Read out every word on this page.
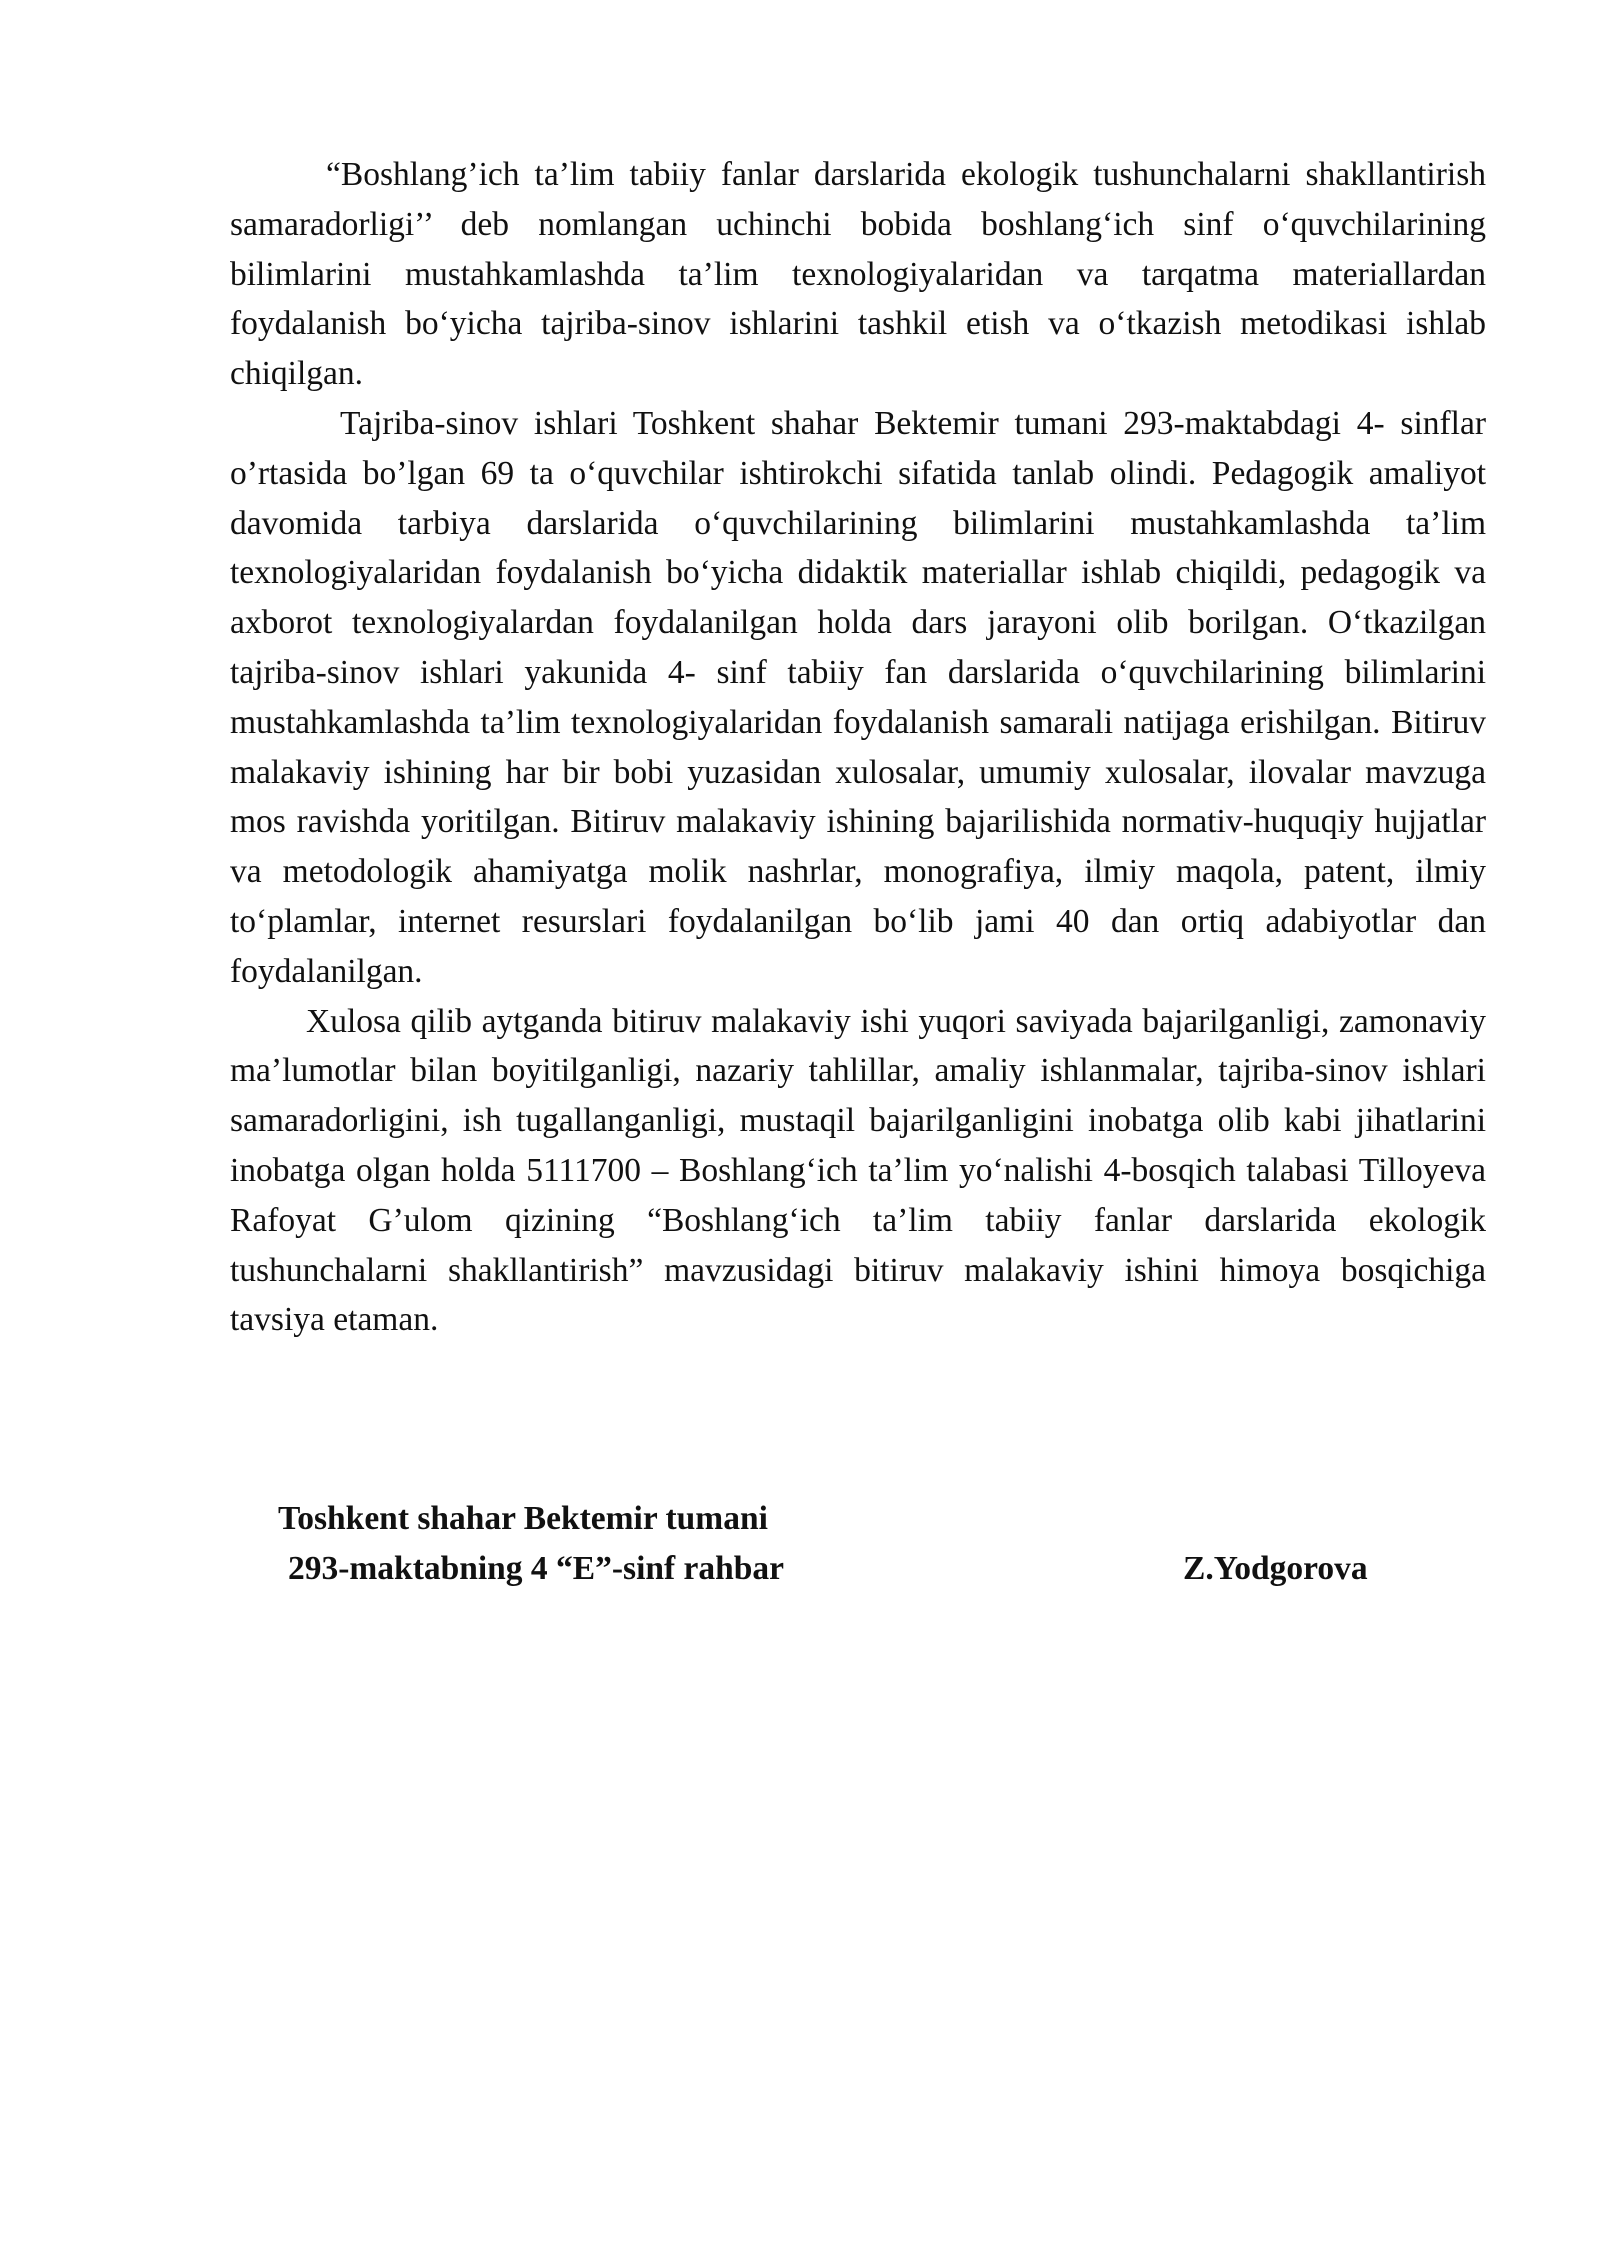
“Boshlang’ich ta’lim tabiiy fanlar darslarida ekologik tushunchalarni shakllantirish samaradorligi’’ deb nomlangan uchinchi bobida boshlang‘ich sinf o‘quvchilarining bilimlarini mustahkamlashda ta’lim texnologiyalaridan va tarqatma materiallardan foydalanish bo‘yicha tajriba-sinov ishlarini tashkil etish va o‘tkazish metodikasi ishlab chiqilgan.

Tajriba-sinov ishlari Toshkent shahar Bektemir tumani 293-maktabdagi 4- sinflar o’rtasida bo’lgan 69 ta o‘quvchilar ishtirokchi sifatida tanlab olindi. Pedagogik amaliyot davomida tarbiya darslarida o‘quvchilarining bilimlarini mustahkamlashda ta’lim texnologiyalaridan foydalanish bo‘yicha didaktik materiallar ishlab chiqildi, pedagogik va axborot texnologiyalardan foydalanilgan holda dars jarayoni olib borilgan. O‘tkazilgan tajriba-sinov ishlari yakunida 4- sinf tabiiy fan darslarida o‘quvchilarining bilimlarini mustahkamlashda ta’lim texnologiyalaridan foydalanish samarali natijaga erishilgan. Bitiruv malakaviy ishining har bir bobi yuzasidan xulosalar, umumiy xulosalar, ilovalar mavzuga mos ravishda yoritilgan. Bitiruv malakaviy ishining bajarilishida normativ-huquqiy hujjatlar va metodologik ahamiyatga molik nashrlar, monografiya, ilmiy maqola, patent, ilmiy to‘plamlar, internet resurslari foydalanilgan bo‘lib jami 40 dan ortiq adabiyotlar dan foydalanilgan.

Xulosa qilib aytganda bitiruv malakaviy ishi yuqori saviyada bajarilganligi, zamonaviy ma’lumotlar bilan boyitilganligi, nazariy tahlillar, amaliy ishlanmalar, tajriba-sinov ishlari samaradorligini, ish tugallanganligi, mustaqil bajarilganligini inobatga olib kabi jihatlarini inobatga olgan holda 5111700 – Boshlang‘ich ta’lim yo‘nalishi 4-bosqich talabasi Tilloyeva Rafoyat G’ulom qizining “Boshlang‘ich ta’lim tabiiy fanlar darslarida ekologik tushunchalarni shakllantirish” mavzusidagi bitiruv malakaviy ishini himoya bosqichiga tavsiya etaman.

Toshkent shahar Bektemir tumani
293-maktabning 4 “E”-sinf rahbar	Z.Yodgorova
